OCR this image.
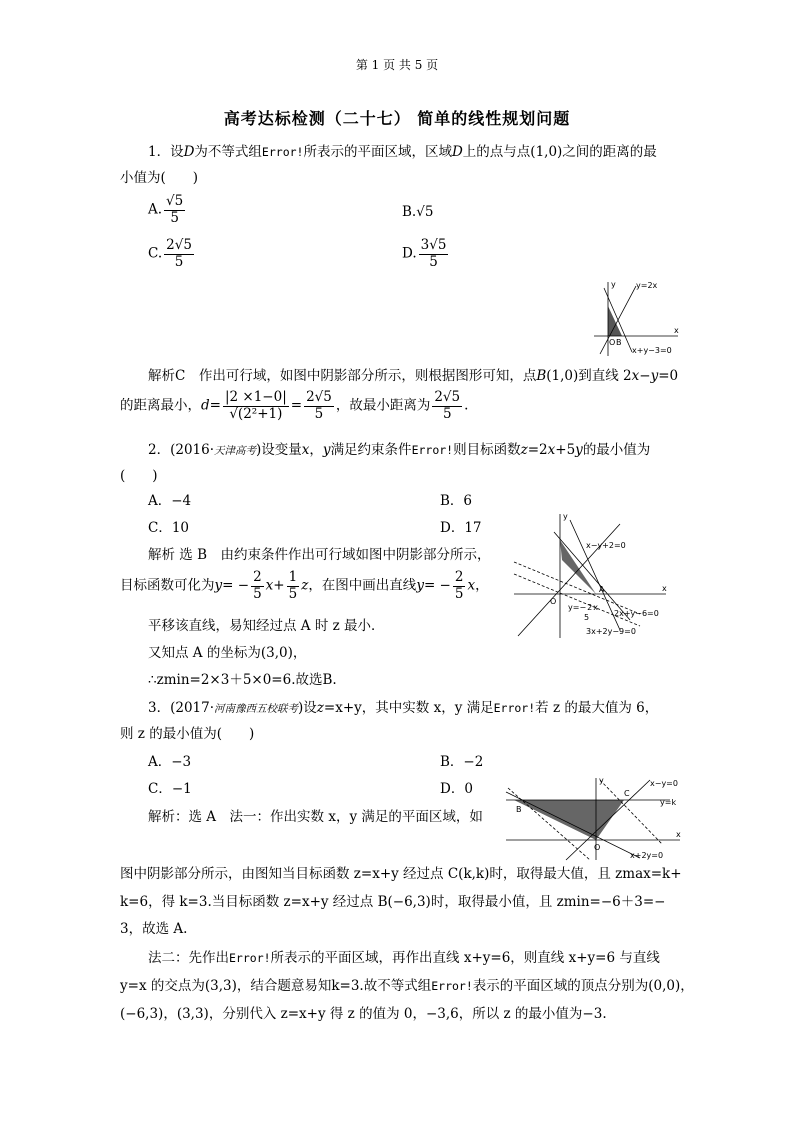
第 1 页 共 5 页
高考达标检测（二十七） 简单的线性规划问题
1．设D为不等式组Error!所表示的平面区域，区域D上的点与点(1,0)之间的距离的最
小值为(　　)
A. $\frac{√5}{5}$	B.√5
C. $\frac{2√5}{5}$	D. $\frac{3√5}{5}$
y
x
O B
y=2x
x+y−3=0
解析C　作出可行域，如图中阴影部分所示，则根据图形可知，点B(1,0)到直线 2x−y=0
的距离最小，$d= \frac{|2 \times 1-0|}{\text{√(2²+1)}} = \frac{2√5}{5}$ ，故最小距离为 $\frac{2√5}{5}$ .
2．(2016·天津高考)设变量x，y满足约束条件Error!则目标函数z=2x+5y的最小值为
(　　)
A．−4	B．6
C．10	D．17
解析 选 B　由约束条件作出可行域如图中阴影部分所示，
目标函数可化为$y= - \frac{2}{5} x+ \frac{1}{5}$ z，在图中画出直线$y= - \frac{2}{5}$ x，
平移该直线，易知经过点 A 时 z 最小．
又知点 A 的坐标为(3,0)，
∴zmin=2×3＋5×0=6.故选B.
y
x
O
A
x−y+2=0
y=−2x
5	2x+y−6=0
3x+2y−9=0
3．(2017·河南豫西五校联考)设z=x+y，其中实数 x，y 满足Error!若 z 的最大值为 6，
则 z 的最小值为(　　)
A．−3	B．−2
C．−1	D．0
解析：选 A　法一：作出实数 x，y 满足的平面区域，如
y
x
O
B
C
x−y=0
y=k
x+2y=0
图中阴影部分所示，由图知当目标函数 z=x+y 经过点 C(k,k)时，取得最大值，且 zmax=k+
k=6，得 k=3.当目标函数 z=x+y 经过点 B(−6,3)时，取得最小值，且 zmin=−6＋3=−
3，故选 A.
法二：先作出Error!所表示的平面区域，再作出直线 x+y=6，则直线 x+y=6 与直线
y=x 的交点为(3,3)，结合题意易知k=3.故不等式组Error!表示的平面区域的顶点分别为(0,0)，
(−6,3)，(3,3)，分别代入 z=x+y 得 z 的值为 0，−3,6，所以 z 的最小值为−3.
